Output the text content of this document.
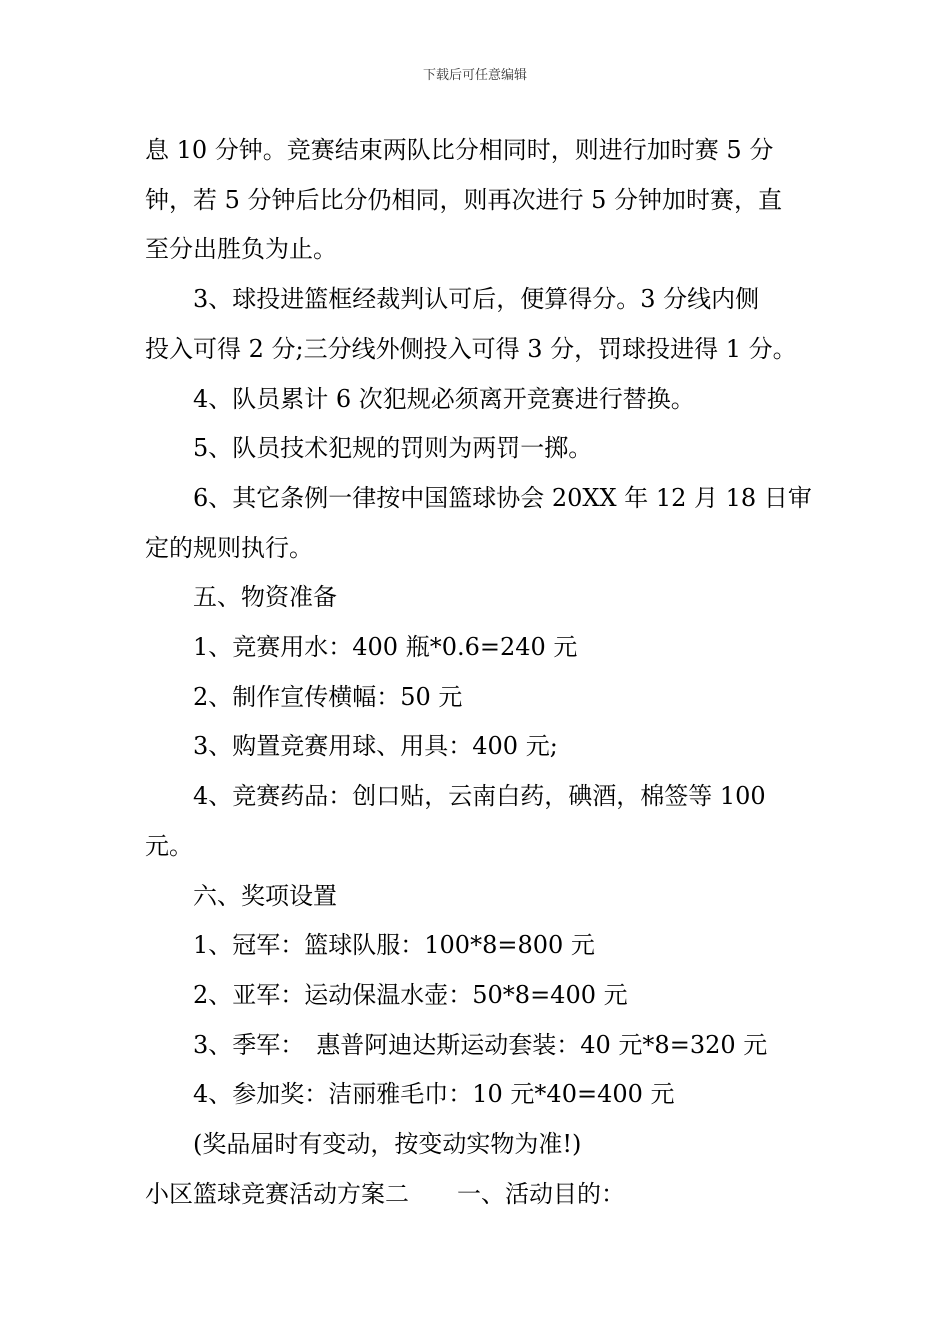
下载后可任意编辑

息 10 分钟。竞赛结束两队比分相同时，则进行加时赛 5 分

钟，若 5 分钟后比分仍相同，则再次进行 5 分钟加时赛，直

至分出胜负为止。

3、球投进篮框经裁判认可后，便算得分。3 分线内侧

投入可得 2 分;三分线外侧投入可得 3 分，罚球投进得 1 分。

4、队员累计 6 次犯规必须离开竞赛进行替换。

5、队员技术犯规的罚则为两罚一掷。

6、其它条例一律按中国篮球协会 20XX 年 12 月 18 日审

定的规则执行。

五、物资准备

1、竞赛用水：400 瓶*0.6=240 元

2、制作宣传横幅：50 元

3、购置竞赛用球、用具：400 元;

4、竞赛药品：创口贴，云南白药，碘酒，棉签等 100

元。

六、奖项设置

1、冠军：篮球队服：100*8=800 元

2、亚军：运动保温水壶：50*8=400 元

3、季军：　惠普阿迪达斯运动套装：40 元*8=320 元

4、参加奖：洁丽雅毛巾：10 元*40=400 元

(奖品届时有变动，按变动实物为准!)

小区篮球竞赛活动方案二　　一、活动目的：
